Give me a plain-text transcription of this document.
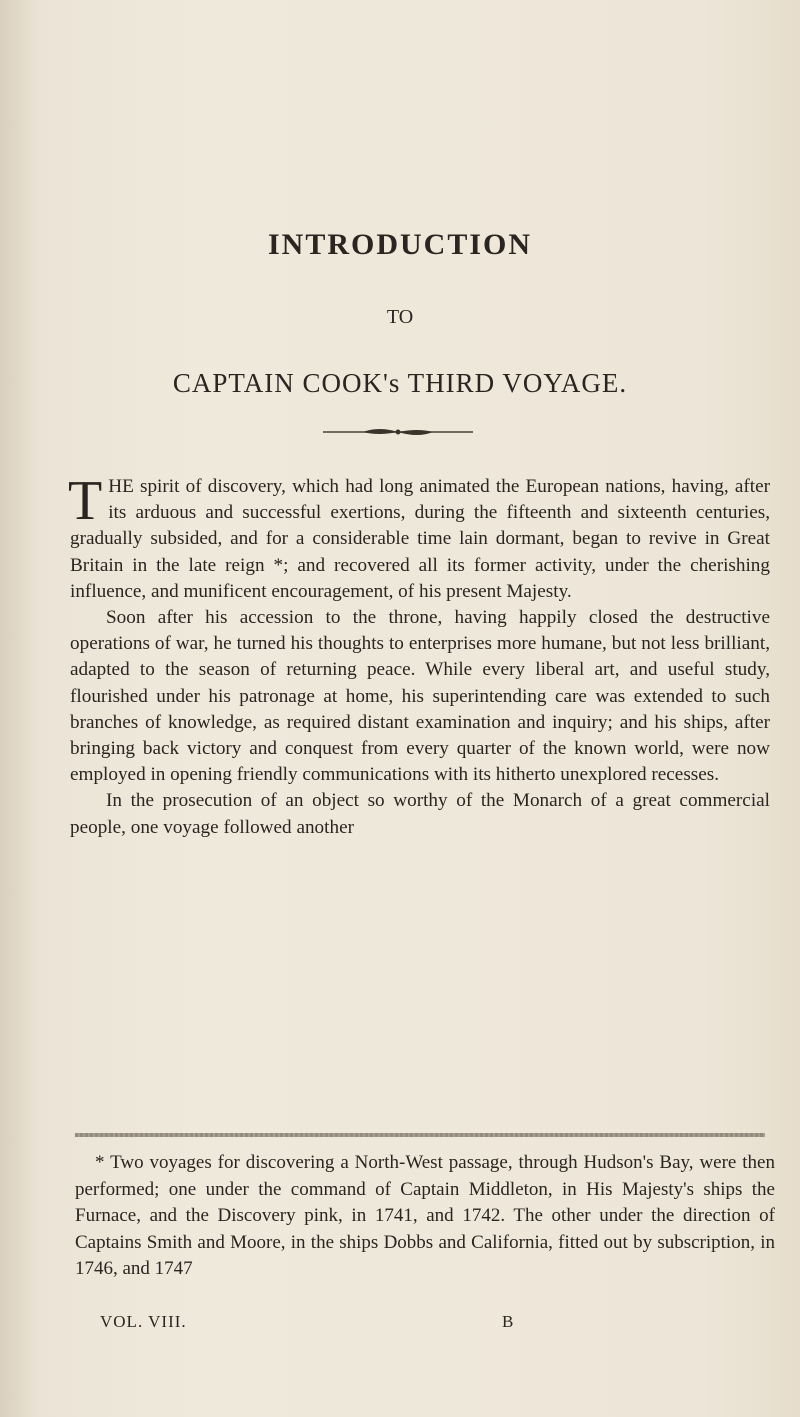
INTRODUCTION
TO
CAPTAIN COOK's THIRD VOYAGE.

T HE spirit of discovery, which had long animated the European nations, having, after its arduous and successful exertions, during the fifteenth and sixteenth centuries, gradually subsided, and for a considerable time lain dormant, began to revive in Great Britain in the late reign *; and recovered all its former activity, under the cherishing influence, and munificent encouragement, of his present Majesty.

Soon after his accession to the throne, having happily closed the destructive operations of war, he turned his thoughts to enterprises more humane, but not less brilliant, adapted to the season of returning peace. While every liberal art, and useful study, flourished under his patronage at home, his superintending care was extended to such branches of knowledge, as required distant examination and inquiry; and his ships, after bringing back victory and conquest from every quarter of the known world, were now employed in opening friendly communications with its hitherto unexplored recesses.

In the prosecution of an object so worthy of the Monarch of a great commercial people, one voyage followed another

* Two voyages for discovering a North-West passage, through Hudson's Bay, were then performed; one under the command of Captain Middleton, in His Majesty's ships the Furnace, and the Discovery pink, in 1741, and 1742. The other under the direction of Captains Smith and Moore, in the ships Dobbs and California, fitted out by subscription, in 1746, and 1747

VOL. VIII.	B
